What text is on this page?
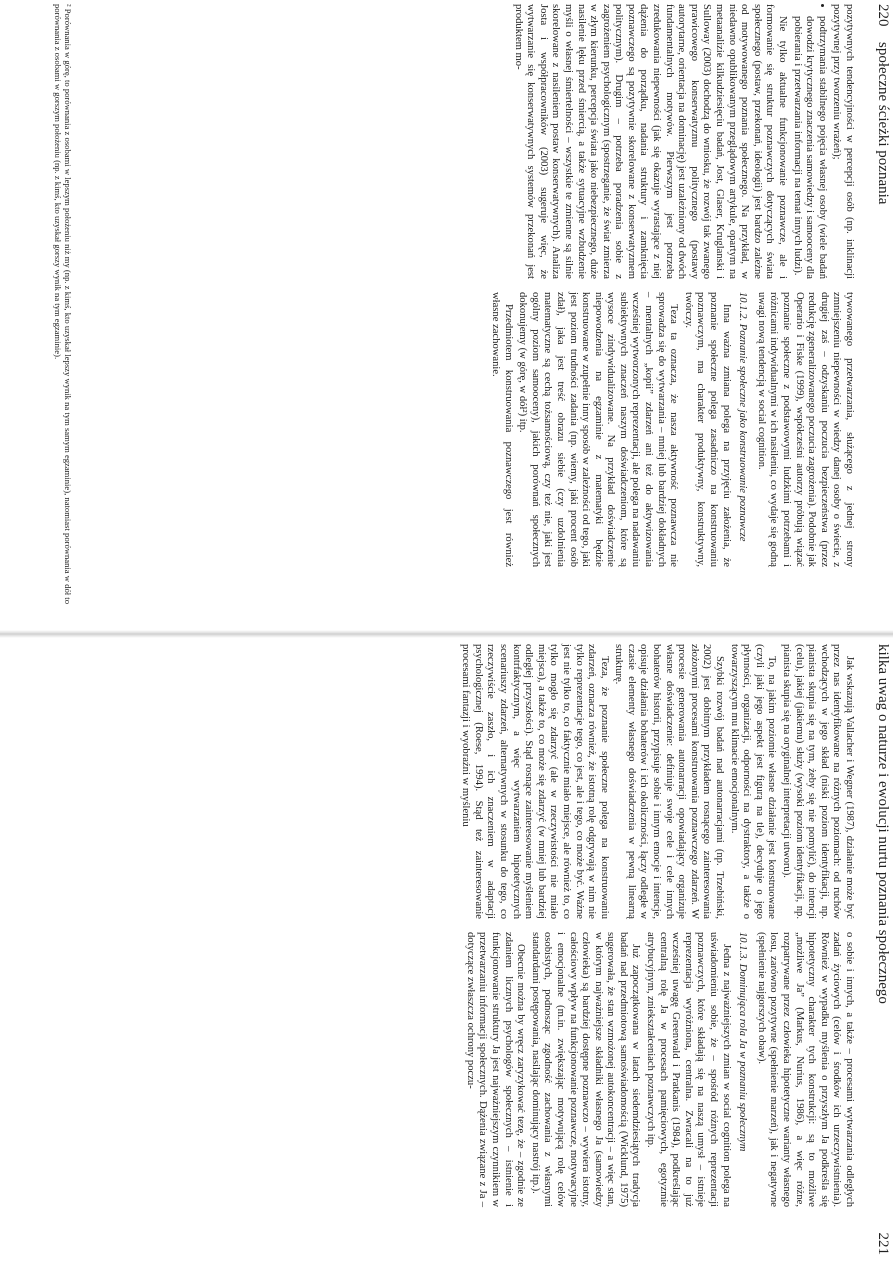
220
społeczne ścieżki poznania

pozytywnych tendencyjności w percepcji osób (np. inklinacji pozytywnej przy tworzeniu wrażeń);

• podtrzymania stabilnego pojęcia własnej osoby (wiele badań dowodzi krytycznego znaczenia samowiedzy i samooceny dla pobierania i przetwarzania informacji na temat innych ludzi).

Nie tylko aktualne funkcjonowanie poznawcze, ale i formowanie się struktur poznawczych dotyczących świata społecznego (postaw, przekonań, ideologii) jest bardzo zależne od motywowanego poznania społecznego. Na przykład, w niedawno opublikowanym przeglądowym artykule, opartym na metaanalizie kilkudziesięciu badań, Jost, Glaser, Kruglanski i Sulloway (2003) dochodzą do wniosku, że rozwój tak zwanego prawicowego konserwatyzmu politycznego (postawy autorytarne, orientacja na dominację) jest uzależniony od dwóch fundamentalnych motywów. Pierwszym jest potrzeba zredukowania niepewności (jak się okazuje wyrastające z niej dążenia do porządku, nadania struktury i zamknięcia poznawczego są pozytywnie skorelowane z konserwatyzmem politycznym). Drugim – potrzeba poradzenia sobie z zagrożeniem psychologicznym (spostrzeganie, że świat zmierza w złym kierunku, percepcja świata jako niebezpiecznego, duże nasilenie lęku przed śmiercią, a także sytuacyjne wzbudzenie myśli o własnej śmiertelności – wszystkie te zmienne są silnie skorelowane z nasileniem postaw konserwatywnych). Analiza Josta i współpracowników (2003) sugeruje więc, że wytwarzanie się konserwatywnych systemów przekonań jest produktem mo-

tywowanego przetwarzania, służącego z jednej strony zmniejszeniu niepewności w wiedzy danej osoby o świecie, z drugiej zaś – odzyskaniu poczucia bezpieczeństwa (przez redukcję zgeneralizowanego poczucia zagrożenia). Podobnie jak Operario i Fiske (1999), współcześni autorzy próbują wiązać poznanie społeczne z podstawowymi ludzkimi potrzebami i różnicami indywidualnymi w ich nasileniu, co wydaje się godną uwagi nową tendencją w social cognition.

10.1.2. Poznanie społeczne jako konstruowanie poznawcze

Inna ważna zmiana polega na przyjęciu założenia, że poznanie społeczne polega zasadniczo na konstruowaniu poznawczym, ma charakter produktywny, konstruktywny, twórczy.

Teza ta oznacza, że nasza aktywność poznawcza nie sprowadza się do wytwarzania – mniej lub bardziej dokładnych – mentalnych „kopii” zdarzeń ani też do aktywizowania wcześniej wytworzonych reprezentacji, ale polega na nadawaniu subiektywnych znaczeń naszym doświadczeniom, które są wysoce zindywidualizowane. Na przykład doświadczenie niepowodzenia na egzaminie z matematyki będzie konstruowane w zupełnie inny sposób w zależności od tego, jaki jest poziom trudności zadania (np. wiemy, jaki procent osób zdał), jaka jest treść obrazu siebie (czy uzdolnienia matematyczne są cechą tożsamościową, czy też nie, jaki jest ogólny poziom samooceny), jakich porównań społecznych dokonujemy (w górę, w dół²) itp.

Przedmiotem konstruowania poznawczego jest również własne zachowanie.

² Porównania w górę, to porównania z osobami w lepszym położeniu niż my (np. z kimś, kto uzyskał lepszy wynik na tym samym egzaminie), natomiast porównania w dół to porównania z osobami w gorszym położeniu (np. z kimś, kto uzyskał gorszy wynik na tym egzaminie).
kilka uwag o naturze i ewolucji nurtu poznania społecznego
221

Jak wskazują Vallacher i Wegner (1987), działanie może być przez nas identyfikowane na różnych poziomach: od ruchów wchodzących w jego skład (niski poziom identyfikacji, np. pianista skupia się na tym, żeby się nie pomylić), do intencji (celu), jakiej (jakiemu) służy (wysoki poziom identyfikacji, np. pianista skupia się na oryginalnej interpretacji utworu).

To, na jakim poziomie własne działanie jest konstruowane (czyli jaki jego aspekt jest figurą na tle), decyduje o jego płynności, organizacji, odporności na dystraktory, a także o towarzyszącym mu klimacie emocjonalnym.

Szybki rozwój badań nad autonarracjami (np. Trzebiński, 2002) jest dobitnym przykładem rosnącego zainteresowania złożonymi procesami konstruowania poznawczego zdarzeń. W procesie generowania autonarracji opowiadający organizuje własne doświadczenie: definiuje swoje cele i cele innych bohaterów historii, przypisuje sobie i innym emocje i intencje, opisuje działania bohaterów i ich okoliczności, łączy odległe w czasie elementy własnego doświadczenia w pewną linearną strukturę.

Teza, że poznanie społeczne polega na konstruowaniu zdarzeń, oznacza również, że istotną rolę odgrywają w nim nie tylko reprezentacje tego, co jest, ale i tego, co może być. Ważne jest nie tylko to, co faktycznie miało miejsce, ale również to, co tylko mogło się zdarzyć (ale w rzeczywistości nie miało miejsca), a także to, co może się zdarzyć (w mniej lub bardziej odległej przyszłości). Stąd rosnące zainteresowanie myśleniem kontrfaktycznym, a więc wytwarzaniem hipotetycznych scenariuszy zdarzeń, alternatywnych w stosunku do tego, co rzeczywiście zaszło, i ich znaczeniem w adaptacji psychologicznej (Roese, 1994). Stąd też zainteresowanie procesami fantazji i wyobraźni w myśleniu

o sobie i innych, a także – procesami wytwarzania odległych zadań życiowych (celów i środków ich urzeczywistnienia). Również w wypadku myślenia o przyszłym Ja podkreśla się hipotetyczny charakter tych konstrukcji: są to możliwe „możliwe Ja” (Markus, Nurius, 1986), a więc różne, rozpatrywane przez człowieka hipotetyczne warianty własnego losu, zarówno pozytywne (spełnienie marzeń), jak i negatywne (spełnienie najgorszych obaw).

10.1.3. Dominująca rola Ja w poznaniu społecznym

Jedna z najważniejszych zmian w social cognition polega na uświadomieniu sobie, że – spośród różnych reprezentacji poznawczych, które składają się na naszą umysł – istnieje reprezentacja wyróżniona, centralna. Zwracali na to już wcześniej uwagę Greenwald i Pratkanis (1984), podkreślając centralną rolę Ja w procesach pamięciowych, egotyzmie atrybucyjnym, zniekształceniach poznawczych itp.

Już zapoczątkowana w latach siedemdziesiątych tradycja badań nad przedmiotową samoświadomością (Wicklund, 1975) sugerowała, że stan wzmożonej autokoncentracji – a więc stan, w którym najważniejsze składniki własnego Ja (samowiedzy człowieka) są bardziej dostępne poznawczo – wywiera istotny, całościowy wpływ na funkcjonowanie poznawcze, motywacyjne i emocjonalne (m.in. zwiększając motywującą rolę celów osobistych, podnosząc zgodność zachowania z własnymi standardami postępowania, nasilając dominujący nastrój itp.).

Obecnie można by wręcz zaryzykować tezę, że – zgodnie ze zdaniem licznych psychologów społecznych – istnienie i funkcjonowanie struktury Ja jest najważniejszym czynnikiem w przetwarzaniu informacji społecznych. Dążenia związane z Ja – dotyczące zwłaszcza ochrony poczu-
